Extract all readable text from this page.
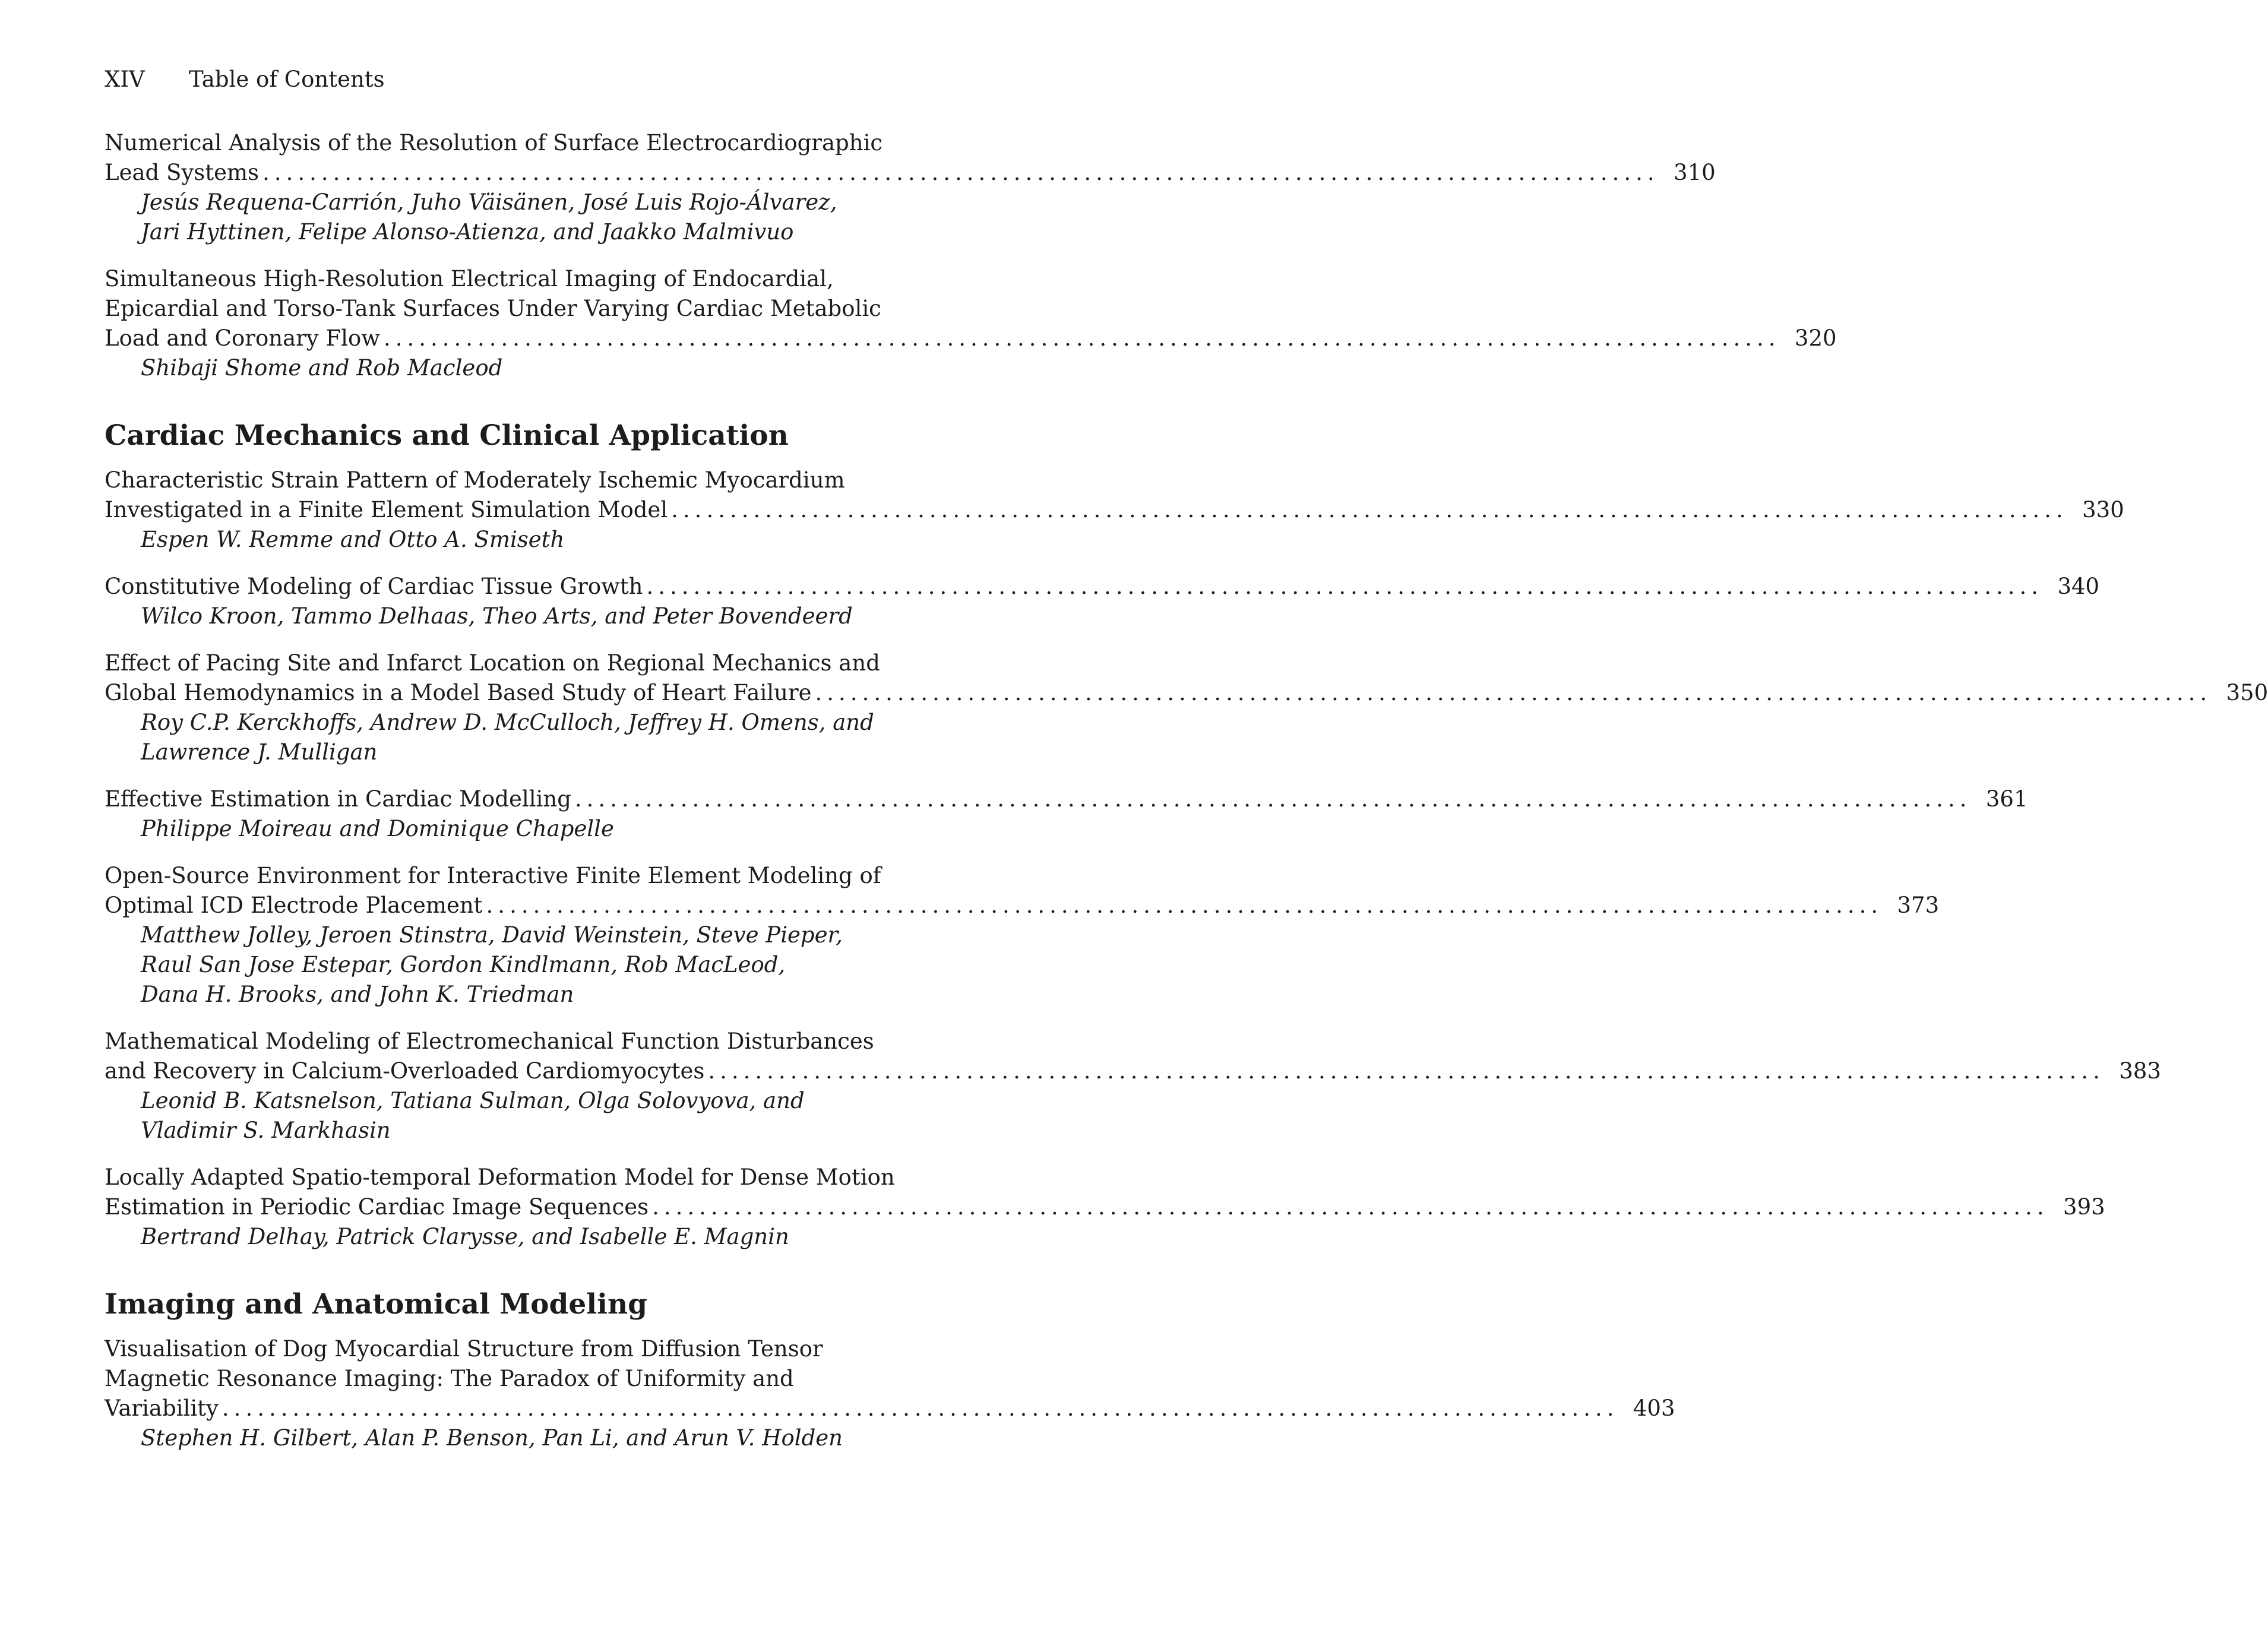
XIV Table of Contents
Numerical Analysis of the Resolution of Surface Electrocardiographic
Lead Systems ....................................................................................................................... 310
Jesús Requena-Carrión, Juho Väisänen, José Luis Rojo-Álvarez,
Jari Hyttinen, Felipe Alonso-Atienza, and Jaakko Malmivuo
Simultaneous High-Resolution Electrical Imaging of Endocardial,
Epicardial and Torso-Tank Surfaces Under Varying Cardiac Metabolic
Load and Coronary Flow ....................................................................................................................... 320
Shibaji Shome and Rob Macleod
Cardiac Mechanics and Clinical Application
Characteristic Strain Pattern of Moderately Ischemic Myocardium
Investigated in a Finite Element Simulation Model ....................................................................................................................... 330
Espen W. Remme and Otto A. Smiseth
Constitutive Modeling of Cardiac Tissue Growth ....................................................................................................................... 340
Wilco Kroon, Tammo Delhaas, Theo Arts, and Peter Bovendeerd
Effect of Pacing Site and Infarct Location on Regional Mechanics and
Global Hemodynamics in a Model Based Study of Heart Failure ....................................................................................................................... 350
Roy C.P. Kerckhoffs, Andrew D. McCulloch, Jeffrey H. Omens, and
Lawrence J. Mulligan
Effective Estimation in Cardiac Modelling ....................................................................................................................... 361
Philippe Moireau and Dominique Chapelle
Open-Source Environment for Interactive Finite Element Modeling of
Optimal ICD Electrode Placement ....................................................................................................................... 373
Matthew Jolley, Jeroen Stinstra, David Weinstein, Steve Pieper,
Raul San Jose Estepar, Gordon Kindlmann, Rob MacLeod,
Dana H. Brooks, and John K. Triedman
Mathematical Modeling of Electromechanical Function Disturbances
and Recovery in Calcium-Overloaded Cardiomyocytes ....................................................................................................................... 383
Leonid B. Katsnelson, Tatiana Sulman, Olga Solovyova, and
Vladimir S. Markhasin
Locally Adapted Spatio-temporal Deformation Model for Dense Motion
Estimation in Periodic Cardiac Image Sequences ....................................................................................................................... 393
Bertrand Delhay, Patrick Clarysse, and Isabelle E. Magnin
Imaging and Anatomical Modeling
Visualisation of Dog Myocardial Structure from Diffusion Tensor
Magnetic Resonance Imaging: The Paradox of Uniformity and
Variability ....................................................................................................................... 403
Stephen H. Gilbert, Alan P. Benson, Pan Li, and Arun V. Holden
